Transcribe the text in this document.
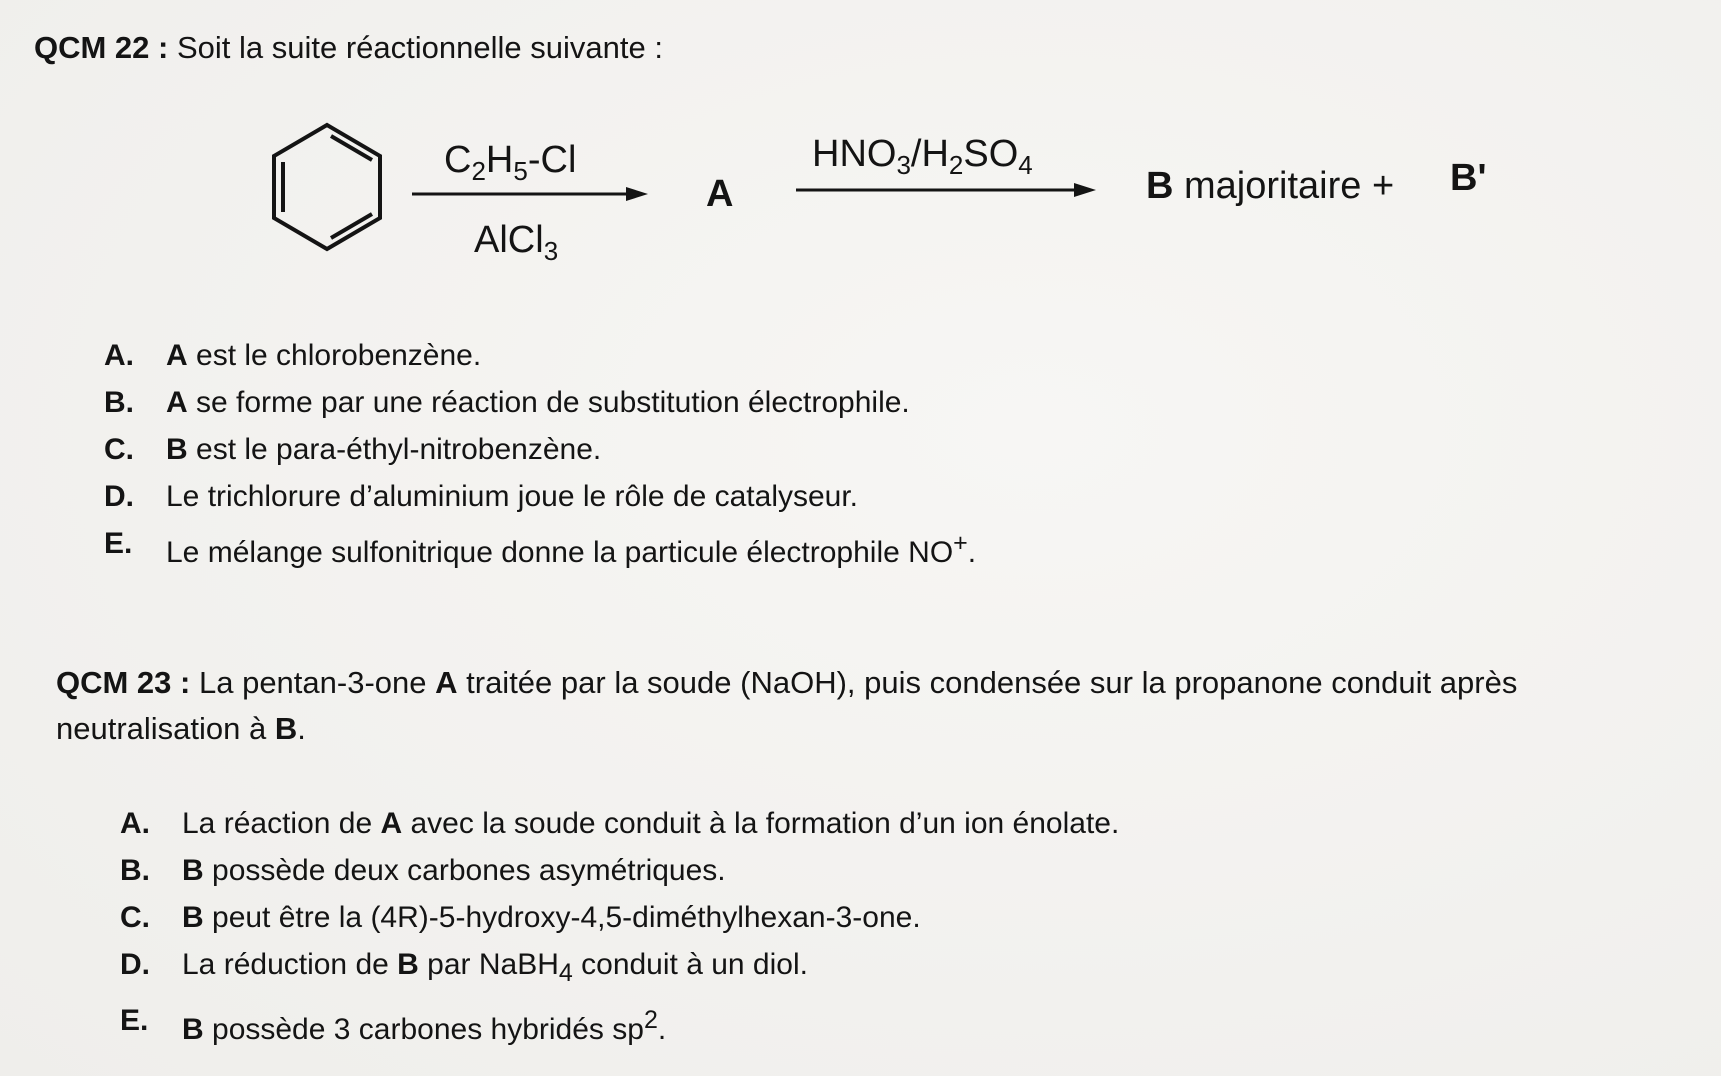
QCM 22 : Soit la suite réactionnelle suivante :
$C_2H_5-Cl$
AlCl$_3$
A
$HNO_3/H_2SO_4$	B majoritaire + B'
A.	A est le chlorobenzène.
B.	A se forme par une réaction de substitution électrophile.
C.	B est le para-éthyl-nitrobenzène.
D.	Le trichlorure d’aluminium joue le rôle de catalyseur.
E.	Le mélange sulfonitrique donne la particule électrophile NO+.
QCM 23 : La pentan-3-one A traitée par la soude (NaOH), puis condensée sur la propanone conduit après neutralisation à B.
A.	La réaction de A avec la soude conduit à la formation d’un ion énolate.
B.	B possède deux carbones asymétriques.
C.	B peut être la (4R)-5-hydroxy-4,5-diméthylhexan-3-one.
D.	La réduction de B par NaBH$_4$ conduit à un diol.
E.	B possède 3 carbones hybridés $sp^2$.
